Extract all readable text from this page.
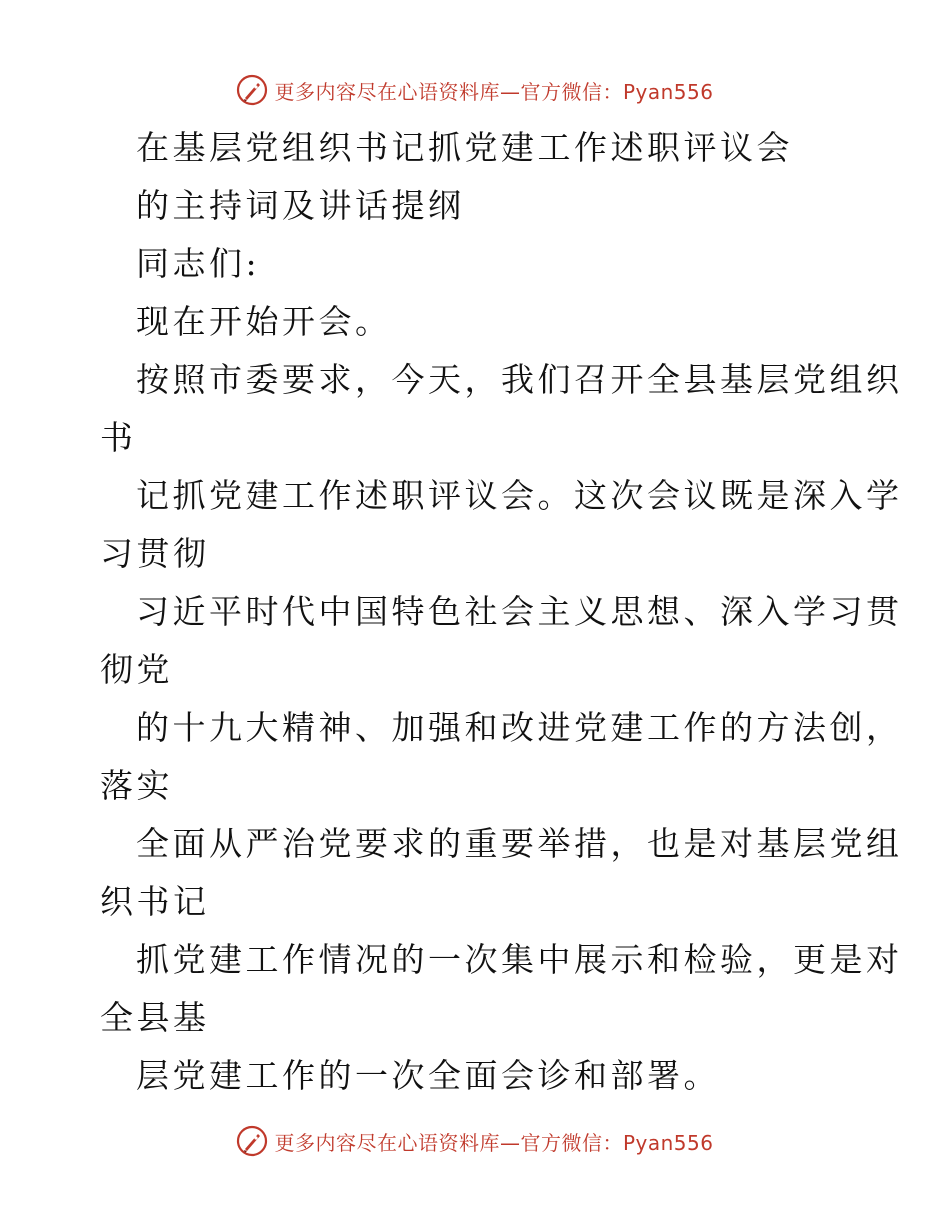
更多内容尽在心语资料库—官方微信：Pyan556
在基层党组织书记抓党建工作述职评议会
的主持词及讲话提纲
同志们:
现在开始开会。
按照市委要求，今天，我们召开全县基层党组织
书
记抓党建工作述职评议会。这次会议既是深入学
习贯彻
习近平时代中国特色社会主义思想、深入学习贯
彻党
的十九大精神、加强和改进党建工作的方法创，
落实
全面从严治党要求的重要举措，也是对基层党组
织书记
抓党建工作情况的一次集中展示和检验，更是对
全县基
层党建工作的一次全面会诊和部署。
更多内容尽在心语资料库—官方微信：Pyan556
